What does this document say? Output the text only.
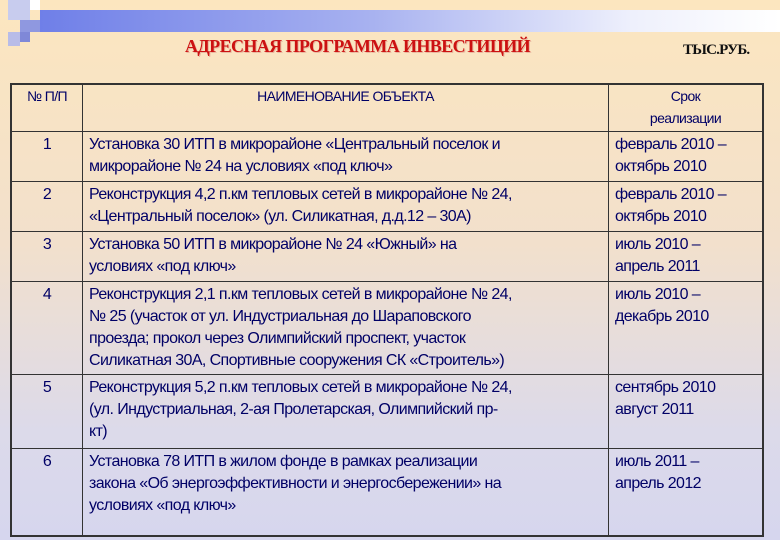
АДРЕСНАЯ ПРОГРАММА ИНВЕСТИЦИЙ	ТЫС.РУБ.
№ П/П	НАИМЕНОВАНИЕ ОБЪЕКТА	Срок
реализации

1	Установка 30 ИТП в микрорайоне «Центральный поселок и
микрорайоне № 24 на условиях «под ключ»	февраль 2010 –
октябрь 2010

2	Реконструкция 4,2 п.км тепловых сетей в микрорайоне № 24,
«Центральный поселок» (ул. Силикатная, д.д.12 – 30А)	февраль 2010 –
октябрь 2010

3	Установка 50 ИТП в микрорайоне № 24 «Южный» на
условиях «под ключ»	июль 2010 –
апрель 2011

4	Реконструкция 2,1 п.км тепловых сетей в микрорайоне № 24,
№ 25 (участок от ул. Индустриальная до Шараповского
проезда; прокол через Олимпийский проспект, участок
Силикатная 30А, Спортивные сооружения СК «Строитель»)	июль 2010 –
декабрь 2010

5	Реконструкция 5,2 п.км тепловых сетей в микрорайоне № 24,
(ул. Индустриальная, 2-ая Пролетарская, Олимпийский пр-
кт)	сентябрь 2010
август 2011

6	Установка 78 ИТП в жилом фонде в рамках реализации
закона «Об энергоэффективности и энергосбережении» на
условиях «под ключ»	июль 2011 –
апрель 2012
